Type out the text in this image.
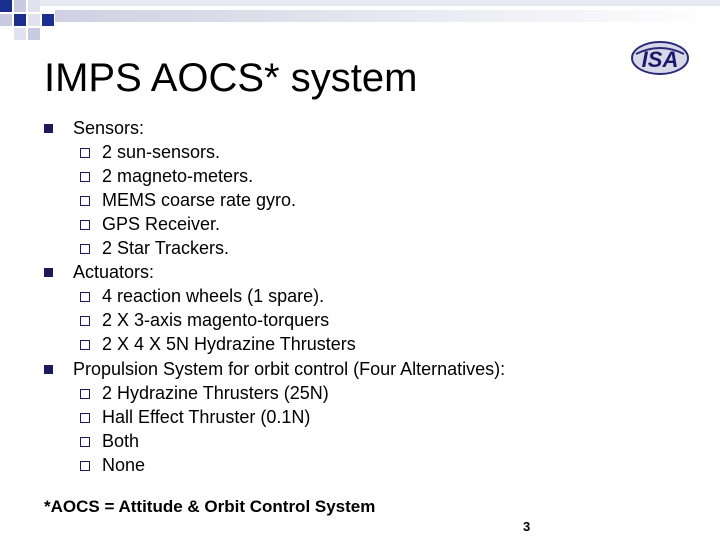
IMPS AOCS* system	ISA
Sensors:
2 sun-sensors.
2 magneto-meters.
MEMS coarse rate gyro.
GPS Receiver.
2 Star Trackers.
Actuators:
4 reaction wheels (1 spare).
2 X 3-axis magento-torquers
2 X 4 X 5N Hydrazine Thrusters
Propulsion System for orbit control (Four Alternatives):
2 Hydrazine Thrusters (25N)
Hall Effect Thruster (0.1N)
Both
None
*AOCS = Attitude & Orbit Control System
3
